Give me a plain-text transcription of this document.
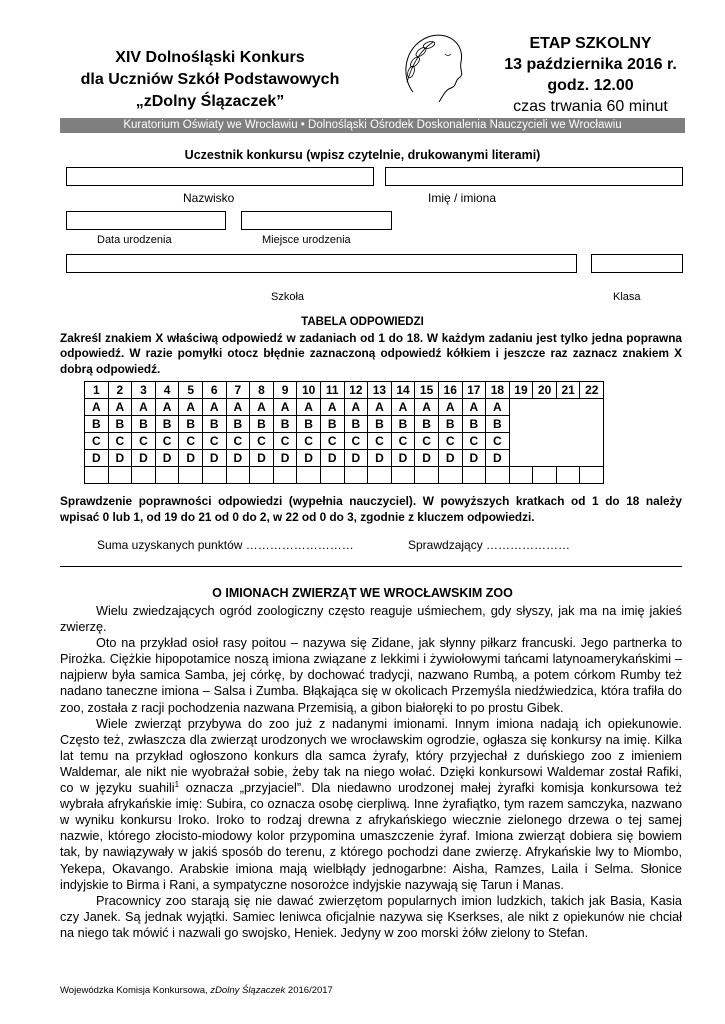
XIV Dolnośląski Konkurs
dla Uczniów Szkół Podstawowych
„zDolny Ślązaczek”
ETAP SZKOLNY
13 października 2016 r.
godz. 12.00
czas trwania 60 minut
Kuratorium Oświaty we Wrocławiu • Dolnośląski Ośrodek Doskonalenia Nauczycieli we Wrocławiu
Uczestnik konkursu (wpisz czytelnie, drukowanymi literami)
Nazwisko	Imię / imiona
Data urodzenia	Miejsce urodzenia
Szkoła	Klasa
TABELA ODPOWIEDZI
Zakreśl znakiem X właściwą odpowiedź w zadaniach od 1 do 18. W każdym zadaniu jest tylko jedna poprawna odpowiedź. W razie pomyłki otocz błędnie zaznaczoną odpowiedź kółkiem i jeszcze raz zaznacz znakiem X dobrą odpowiedź.
1	2	3	4	5	6	7	8	9	10	11	12	13	14	15	16	17	18	19	20	21	22
A	A	A	A	A	A	A	A	A	A	A	A	A	A	A	A	A	A				
B	B	B	B	B	B	B	B	B	B	B	B	B	B	B	B	B	B				
C	C	C	C	C	C	C	C	C	C	C	C	C	C	C	C	C	C				
D	D	D	D	D	D	D	D	D	D	D	D	D	D	D	D	D	D				

Sprawdzenie poprawności odpowiedzi (wypełnia nauczyciel). W powyższych kratkach od 1 do 18 należy wpisać 0 lub 1, od 19 do 21 od 0 do 2, w 22 od 0 do 3, zgodnie z kluczem odpowiedzi.
Suma uzyskanych punktów ………………………	Sprawdzający …………………
O IMIONACH ZWIERZĄT WE WROCŁAWSKIM ZOO

Wielu zwiedzających ogród zoologiczny często reaguje uśmiechem, gdy słyszy, jak ma na imię jakieś zwierzę.

Oto na przykład osioł rasy poitou – nazywa się Zidane, jak słynny piłkarz francuski. Jego partnerka to Pirożka. Ciężkie hipopotamice noszą imiona związane z lekkimi i żywiołowymi tańcami latynoamerykańskimi – najpierw była samica Samba, jej córkę, by dochować tradycji, nazwano Rumbą, a potem córkom Rumby też nadano taneczne imiona – Salsa i Zumba. Błąkająca się w okolicach Przemyśla niedźwiedzica, która trafiła do zoo, została z racji pochodzenia nazwana Przemisią, a gibon białoręki to po prostu Gibek.

Wiele zwierząt przybywa do zoo już z nadanymi imionami. Innym imiona nadają ich opiekunowie. Często też, zwłaszcza dla zwierząt urodzonych we wrocławskim ogrodzie, ogłasza się konkursy na imię. Kilka lat temu na przykład ogłoszono konkurs dla samca żyrafy, który przyjechał z duńskiego zoo z imieniem Waldemar, ale nikt nie wyobrażał sobie, żeby tak na niego wołać. Dzięki konkursowi Waldemar został Rafiki, co w języku suahili$^1$ oznacza „przyjaciel”. Dla niedawno urodzonej małej żyrafki komisja konkursowa też wybrała afrykańskie imię: Subira, co oznacza osobę cierpliwą. Inne żyrafiątko, tym razem samczyka, nazwano w wyniku konkursu Iroko. Iroko to rodzaj drewna z afrykańskiego wiecznie zielonego drzewa o tej samej nazwie, którego złocisto-miodowy kolor przypomina umaszczenie żyraf. Imiona zwierząt dobiera się bowiem tak, by nawiązywały w jakiś sposób do terenu, z którego pochodzi dane zwierzę. Afrykańskie lwy to Miombo, Yekepa, Okavango. Arabskie imiona mają wielbłądy jednogarbne: Aisha, Ramzes, Laila i Selma. Słonice indyjskie to Birma i Rani, a sympatyczne nosorożce indyjskie nazywają się Tarun i Manas.

Pracownicy zoo starają się nie dawać zwierzętom popularnych imion ludzkich, takich jak Basia, Kasia czy Janek. Są jednak wyjątki. Samiec leniwca oficjalnie nazywa się Kserkses, ale nikt z opiekunów nie chciał na niego tak mówić i nazwali go swojsko, Heniek. Jedyny w zoo morski żółw zielony to Stefan.

Wojewódzka Komisja Konkursowa, zDolny Ślązaczek 2016/2017
